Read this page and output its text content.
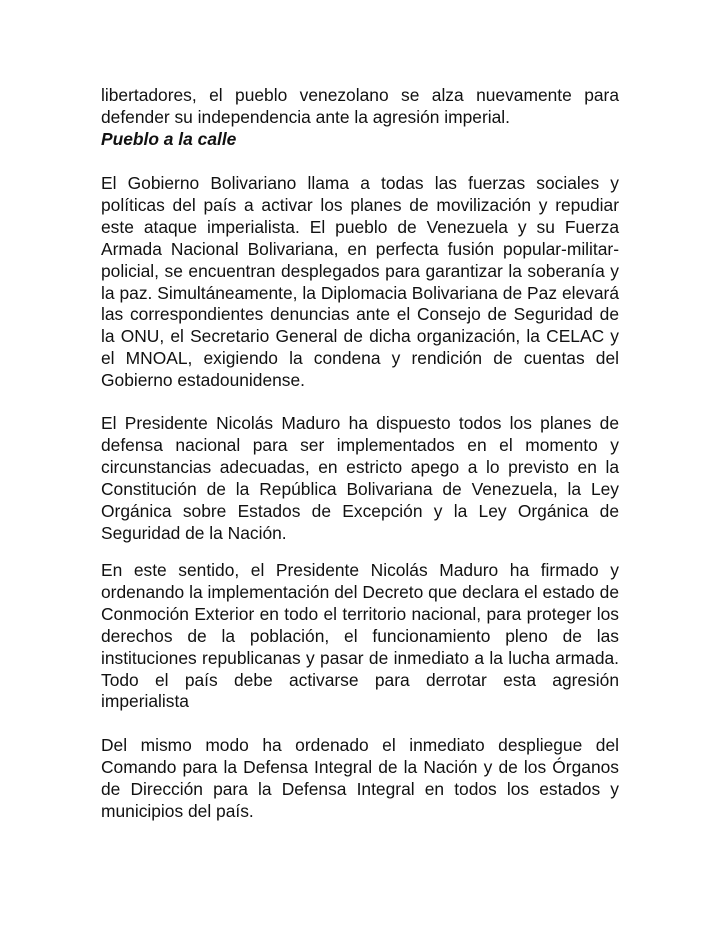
libertadores, el pueblo venezolano se alza nuevamente para defender su independencia ante la agresión imperial.

Pueblo a la calle

El Gobierno Bolivariano llama a todas las fuerzas sociales y políticas del país a activar los planes de movilización y repudiar este ataque imperialista. El pueblo de Venezuela y su Fuerza Armada Nacional Bolivariana, en perfecta fusión popular-militar-policial, se encuentran desplegados para garantizar la soberanía y la paz. Simultáneamente, la Diplomacia Bolivariana de Paz elevará las correspondientes denuncias ante el Consejo de Seguridad de la ONU, el Secretario General de dicha organización, la CELAC y el MNOAL, exigiendo la condena y rendición de cuentas del Gobierno estadounidense.

El Presidente Nicolás Maduro ha dispuesto todos los planes de defensa nacional para ser implementados en el momento y circunstancias adecuadas, en estricto apego a lo previsto en la Constitución de la República Bolivariana de Venezuela, la Ley Orgánica sobre Estados de Excepción y la Ley Orgánica de Seguridad de la Nación.

En este sentido, el Presidente Nicolás Maduro ha firmado y ordenando la implementación del Decreto que declara el estado de Conmoción Exterior en todo el territorio nacional, para proteger los derechos de la población, el funcionamiento pleno de las instituciones republicanas y pasar de inmediato a la lucha armada. Todo el país debe activarse para derrotar esta agresión imperialista

Del mismo modo ha ordenado el inmediato despliegue del Comando para la Defensa Integral de la Nación y de los Órganos de Dirección para la Defensa Integral en todos los estados y municipios del país.
